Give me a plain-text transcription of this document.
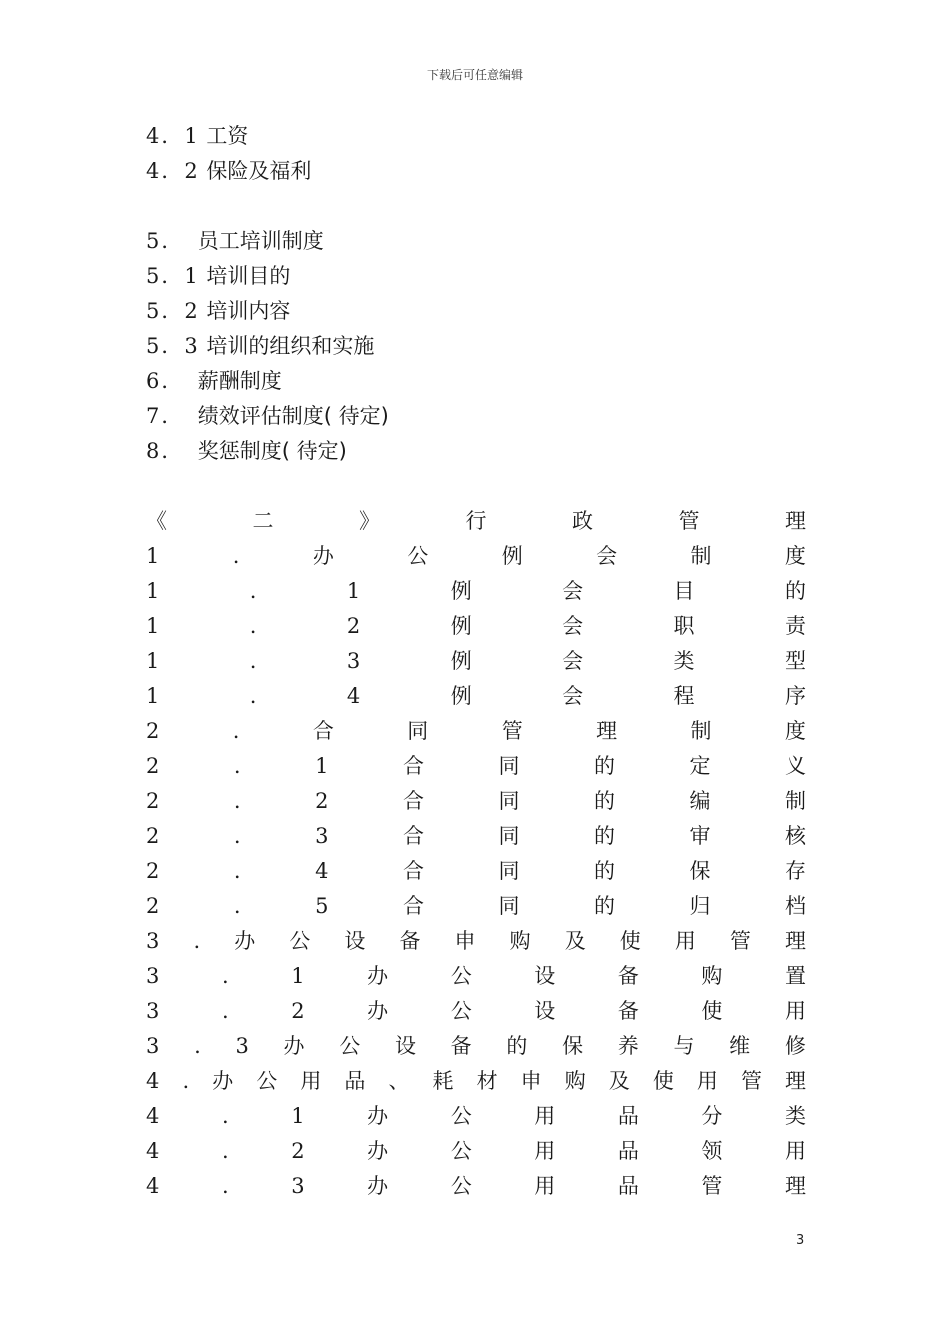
下载后可任意编辑
4．1 工资
4．2 保险及福利
5．  员工培训制度
5．1 培训目的
5．2 培训内容
5．3 培训的组织和实施
6．  薪酬制度
7．  绩效评估制度( 待定)
8．  奖惩制度( 待定)
《	二	》	行	政	管	理
1	.	办	公	例	会	制	度
1	.	1	例	会	目	的
1	.	2	例	会	职	责
1	.	3	例	会	类	型
1	.	4	例	会	程	序
2	.	合	同	管	理	制	度
2	.	1	合	同	的	定	义
2	.	2	合	同	的	编	制
2	.	3	合	同	的	审	核
2	.	4	合	同	的	保	存
2	.	5	合	同	的	归	档
3 . 办 公 设 备 申 购 及 使 用 管 理
3	.	1	办	公	设	备	购	置
3	.	2	办	公	设	备	使	用
3 . 3 办 公 设 备 的 保 养 与 维 修
4 . 办 公 用 品 、 耗 材 申 购 及 使 用 管 理
4	.	1	办	公	用	品	分	类
4	.	2	办	公	用	品	领	用
4	.	3	办	公	用	品	管	理
3
